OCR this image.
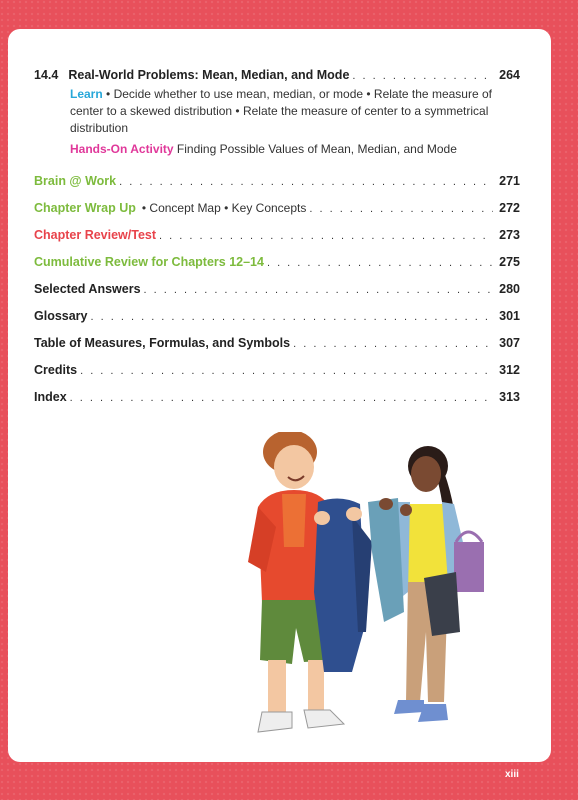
14.4 Real-World Problems: Mean, Median, and Mode . . .	264
Learn • Decide whether to use mean, median, or mode • Relate the measure of center to a skewed distribution • Relate the measure of center to a symmetrical distribution
Hands-On Activity Finding Possible Values of Mean, Median, and Mode
Brain @ Work . . .	271
Chapter Wrap Up • Concept Map • Key Concepts . . .	272
Chapter Review/Test . . .	273
Cumulative Review for Chapters 12–14 . . .	275
Selected Answers . . .	280
Glossary . . .	301
Table of Measures, Formulas, and Symbols . . .	307
Credits . . .	312
Index . . .	313
xiii
